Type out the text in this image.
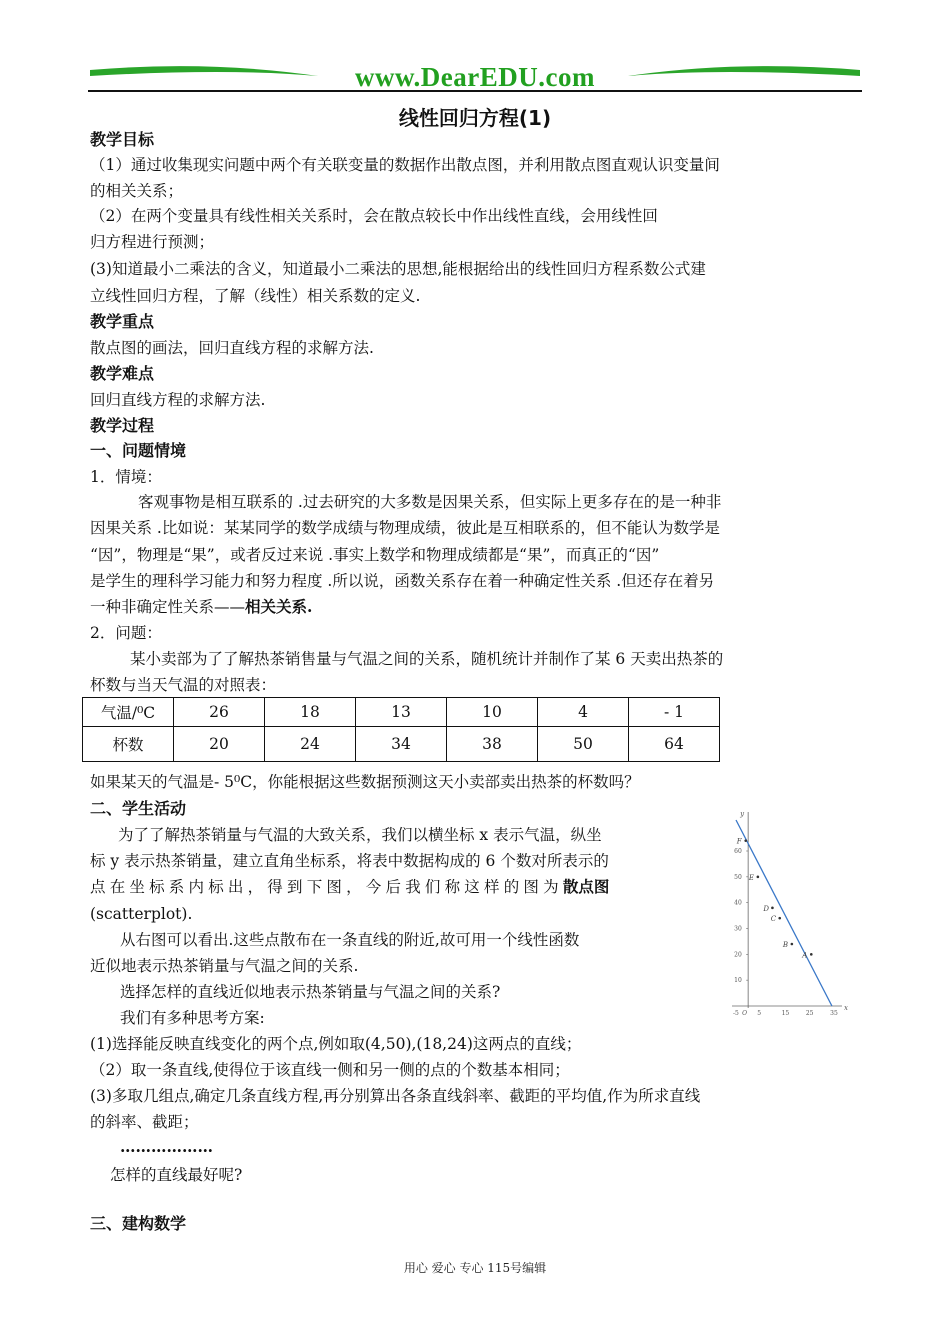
www.DearEDU.com
线性回归方程(1)
教学目标
（1）通过收集现实问题中两个有关联变量的数据作出散点图，并利用散点图直观认识变量间
的相关关系；
（2）在两个变量具有线性相关关系时，会在散点较长中作出线性直线，会用线性回
归方程进行预测；
(3)知道最小二乘法的含义，知道最小二乘法的思想,能根据给出的线性回归方程系数公式建
立线性回归方程，了解（线性）相关系数的定义.
教学重点
散点图的画法，回归直线方程的求解方法.
教学难点
回归直线方程的求解方法.
教学过程
一、问题情境
1．情境：
客观事物是相互联系的 .过去研究的大多数是因果关系，但实际上更多存在的是一种非
因果关系 .比如说：某某同学的数学成绩与物理成绩，彼此是互相联系的，但不能认为数学是
“因”，物理是“果”，或者反过来说 .事实上数学和物理成绩都是“果”，而真正的“因”
是学生的理科学习能力和努力程度 .所以说，函数关系存在着一种确定性关系 .但还存在着另
一种非确定性关系——相关关系.
2．问题：
某小卖部为了了解热茶销售量与气温之间的关系，随机统计并制作了某 6 天卖出热茶的
杯数与当天气温的对照表：
气温/⁰C	26	18	13	10	4	- 1
杯数	20	24	34	38	50	64
如果某天的气温是- 5⁰C，你能根据这些数据预测这天小卖部卖出热茶的杯数吗？
二、学生活动
为了了解热茶销量与气温的大致关系，我们以横坐标 x 表示气温，纵坐
标 y 表示热茶销量，建立直角坐标系，将表中数据构成的 6 个数对所表示的
点在坐标系内标出，得到下图，今后我们称这样的图为散点图
(scatterplot).
从右图可以看出.这些点散布在一条直线的附近,故可用一个线性函数
近似地表示热茶销量与气温之间的关系.
选择怎样的直线近似地表示热茶销量与气温之间的关系?
我们有多种思考方案:
(1)选择能反映直线变化的两个点,例如取(4,50),(18,24)这两点的直线；
（2）取一条直线,使得位于该直线一侧和另一侧的点的个数基本相同；
(3)多取几组点,确定几条直线方程,再分别算出各条直线斜率、截距的平均值,作为所求直线
的斜率、截距；
………………
怎样的直线最好呢?
三、建构数学
x
y
O
-5	5	15	25	35
10
20
30
40
50
60
A
B
C
D
E
F
用心 爱心 专心 115号编辑
